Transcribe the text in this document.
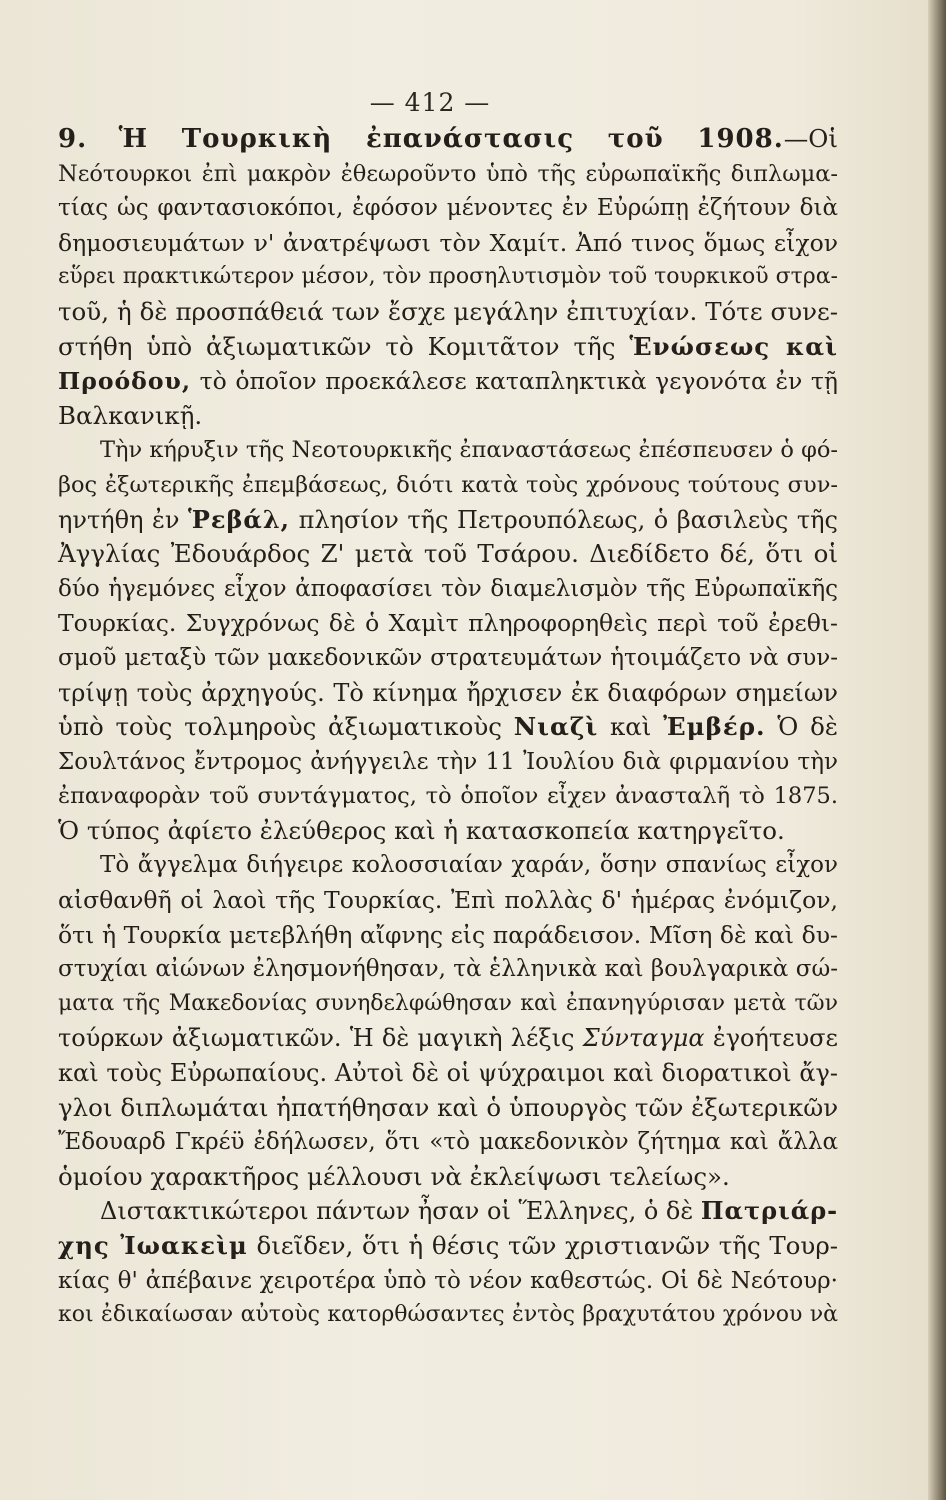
— 412 —
9. Ἡ Τουρκικὴ ἐπανάστασις τοῦ 1908.—Οἱ
Νεότουρκοι ἐπὶ μακρὸν ἐθεωροῦντο ὑπὸ τῆς εὐρωπαϊκῆς διπλωμα-
τίας ὡς φαντασιοκόποι, ἐφόσον μένοντες ἐν Εὐρώπῃ ἐζήτουν διὰ
δημοσιευμάτων ν' ἀνατρέψωσι τὸν Χαμίτ. Ἀπό τινος ὅμως εἶχον
εὕρει πρακτικώτερον μέσον, τὸν προσηλυτισμὸν τοῦ τουρκικοῦ στρα-
τοῦ, ἡ δὲ προσπάθειά των ἔσχε μεγάλην ἐπιτυχίαν. Τότε συνε-
στήθη ὑπὸ ἀξιωματικῶν τὸ Κομιτᾶτον τῆς Ἑνώσεως καὶ
Προόδου, τὸ ὁποῖον προεκάλεσε καταπληκτικὰ γεγονότα ἐν τῇ
Βαλκανικῇ.
Τὴν κήρυξιν τῆς Νεοτουρκικῆς ἐπαναστάσεως ἐπέσπευσεν ὁ φό-
βος ἐξωτερικῆς ἐπεμβάσεως, διότι κατὰ τοὺς χρόνους τούτους συν-
ηντήθη ἐν Ῥεβάλ, πλησίον τῆς Πετρουπόλεως, ὁ βασιλεὺς τῆς
Ἀγγλίας Ἐδουάρδος Ζ' μετὰ τοῦ Τσάρου. Διεδίδετο δέ, ὅτι οἱ
δύο ἡγεμόνες εἶχον ἀποφασίσει τὸν διαμελισμὸν τῆς Εὐρωπαϊκῆς
Τουρκίας. Συγχρόνως δὲ ὁ Χαμὶτ πληροφορηθεὶς περὶ τοῦ ἐρεθι-
σμοῦ μεταξὺ τῶν μακεδονικῶν στρατευμάτων ἡτοιμάζετο νὰ συν-
τρίψῃ τοὺς ἀρχηγούς. Τὸ κίνημα ἤρχισεν ἐκ διαφόρων σημείων
ὑπὸ τοὺς τολμηροὺς ἀξιωματικοὺς Νιαζὶ καὶ Ἐμβέρ. Ὁ δὲ
Σουλτάνος ἔντρομος ἀνήγγειλε τὴν 11 Ἰουλίου διὰ φιρμανίου τὴν
ἐπαναφορὰν τοῦ συντάγματος, τὸ ὁποῖον εἶχεν ἀνασταλῆ τὸ 1875.
Ὁ τύπος ἀφίετο ἐλεύθερος καὶ ἡ κατασκοπεία κατηργεῖτο.
Τὸ ἄγγελμα διήγειρε κολοσσιαίαν χαράν, ὅσην σπανίως εἶχον
αἰσθανθῆ οἱ λαοὶ τῆς Τουρκίας. Ἐπὶ πολλὰς δ' ἡμέρας ἐνόμιζον,
ὅτι ἡ Τουρκία μετεβλήθη αἴφνης εἰς παράδεισον. Μῖση δὲ καὶ δυ-
στυχίαι αἰώνων ἐλησμονήθησαν, τὰ ἑλληνικὰ καὶ βουλγαρικὰ σώ-
ματα τῆς Μακεδονίας συνηδελφώθησαν καὶ ἐπανηγύρισαν μετὰ τῶν
τούρκων ἀξιωματικῶν. Ἡ δὲ μαγικὴ λέξις Σύνταγμα ἐγοήτευσε
καὶ τοὺς Εὐρωπαίους. Αὐτοὶ δὲ οἱ ψύχραιμοι καὶ διορατικοὶ ἄγ-
γλοι διπλωμάται ἠπατήθησαν καὶ ὁ ὑπουργὸς τῶν ἐξωτερικῶν
Ἔδουαρδ Γκρέϋ ἐδήλωσεν, ὅτι «τὸ μακεδονικὸν ζήτημα καὶ ἄλλα
ὁμοίου χαρακτῆρος μέλλουσι νὰ ἐκλείψωσι τελείως».
Διστακτικώτεροι πάντων ἦσαν οἱ Ἕλληνες, ὁ δὲ Πατριάρ-
χης Ἰωακεὶμ διεῖδεν, ὅτι ἡ θέσις τῶν χριστιανῶν τῆς Τουρ-
κίας θ' ἀπέβαινε χειροτέρα ὑπὸ τὸ νέον καθεστώς. Οἱ δὲ Νεότουρ·
κοι ἐδικαίωσαν αὐτοὺς κατορθώσαντες ἐντὸς βραχυτάτου χρόνου νὰ
